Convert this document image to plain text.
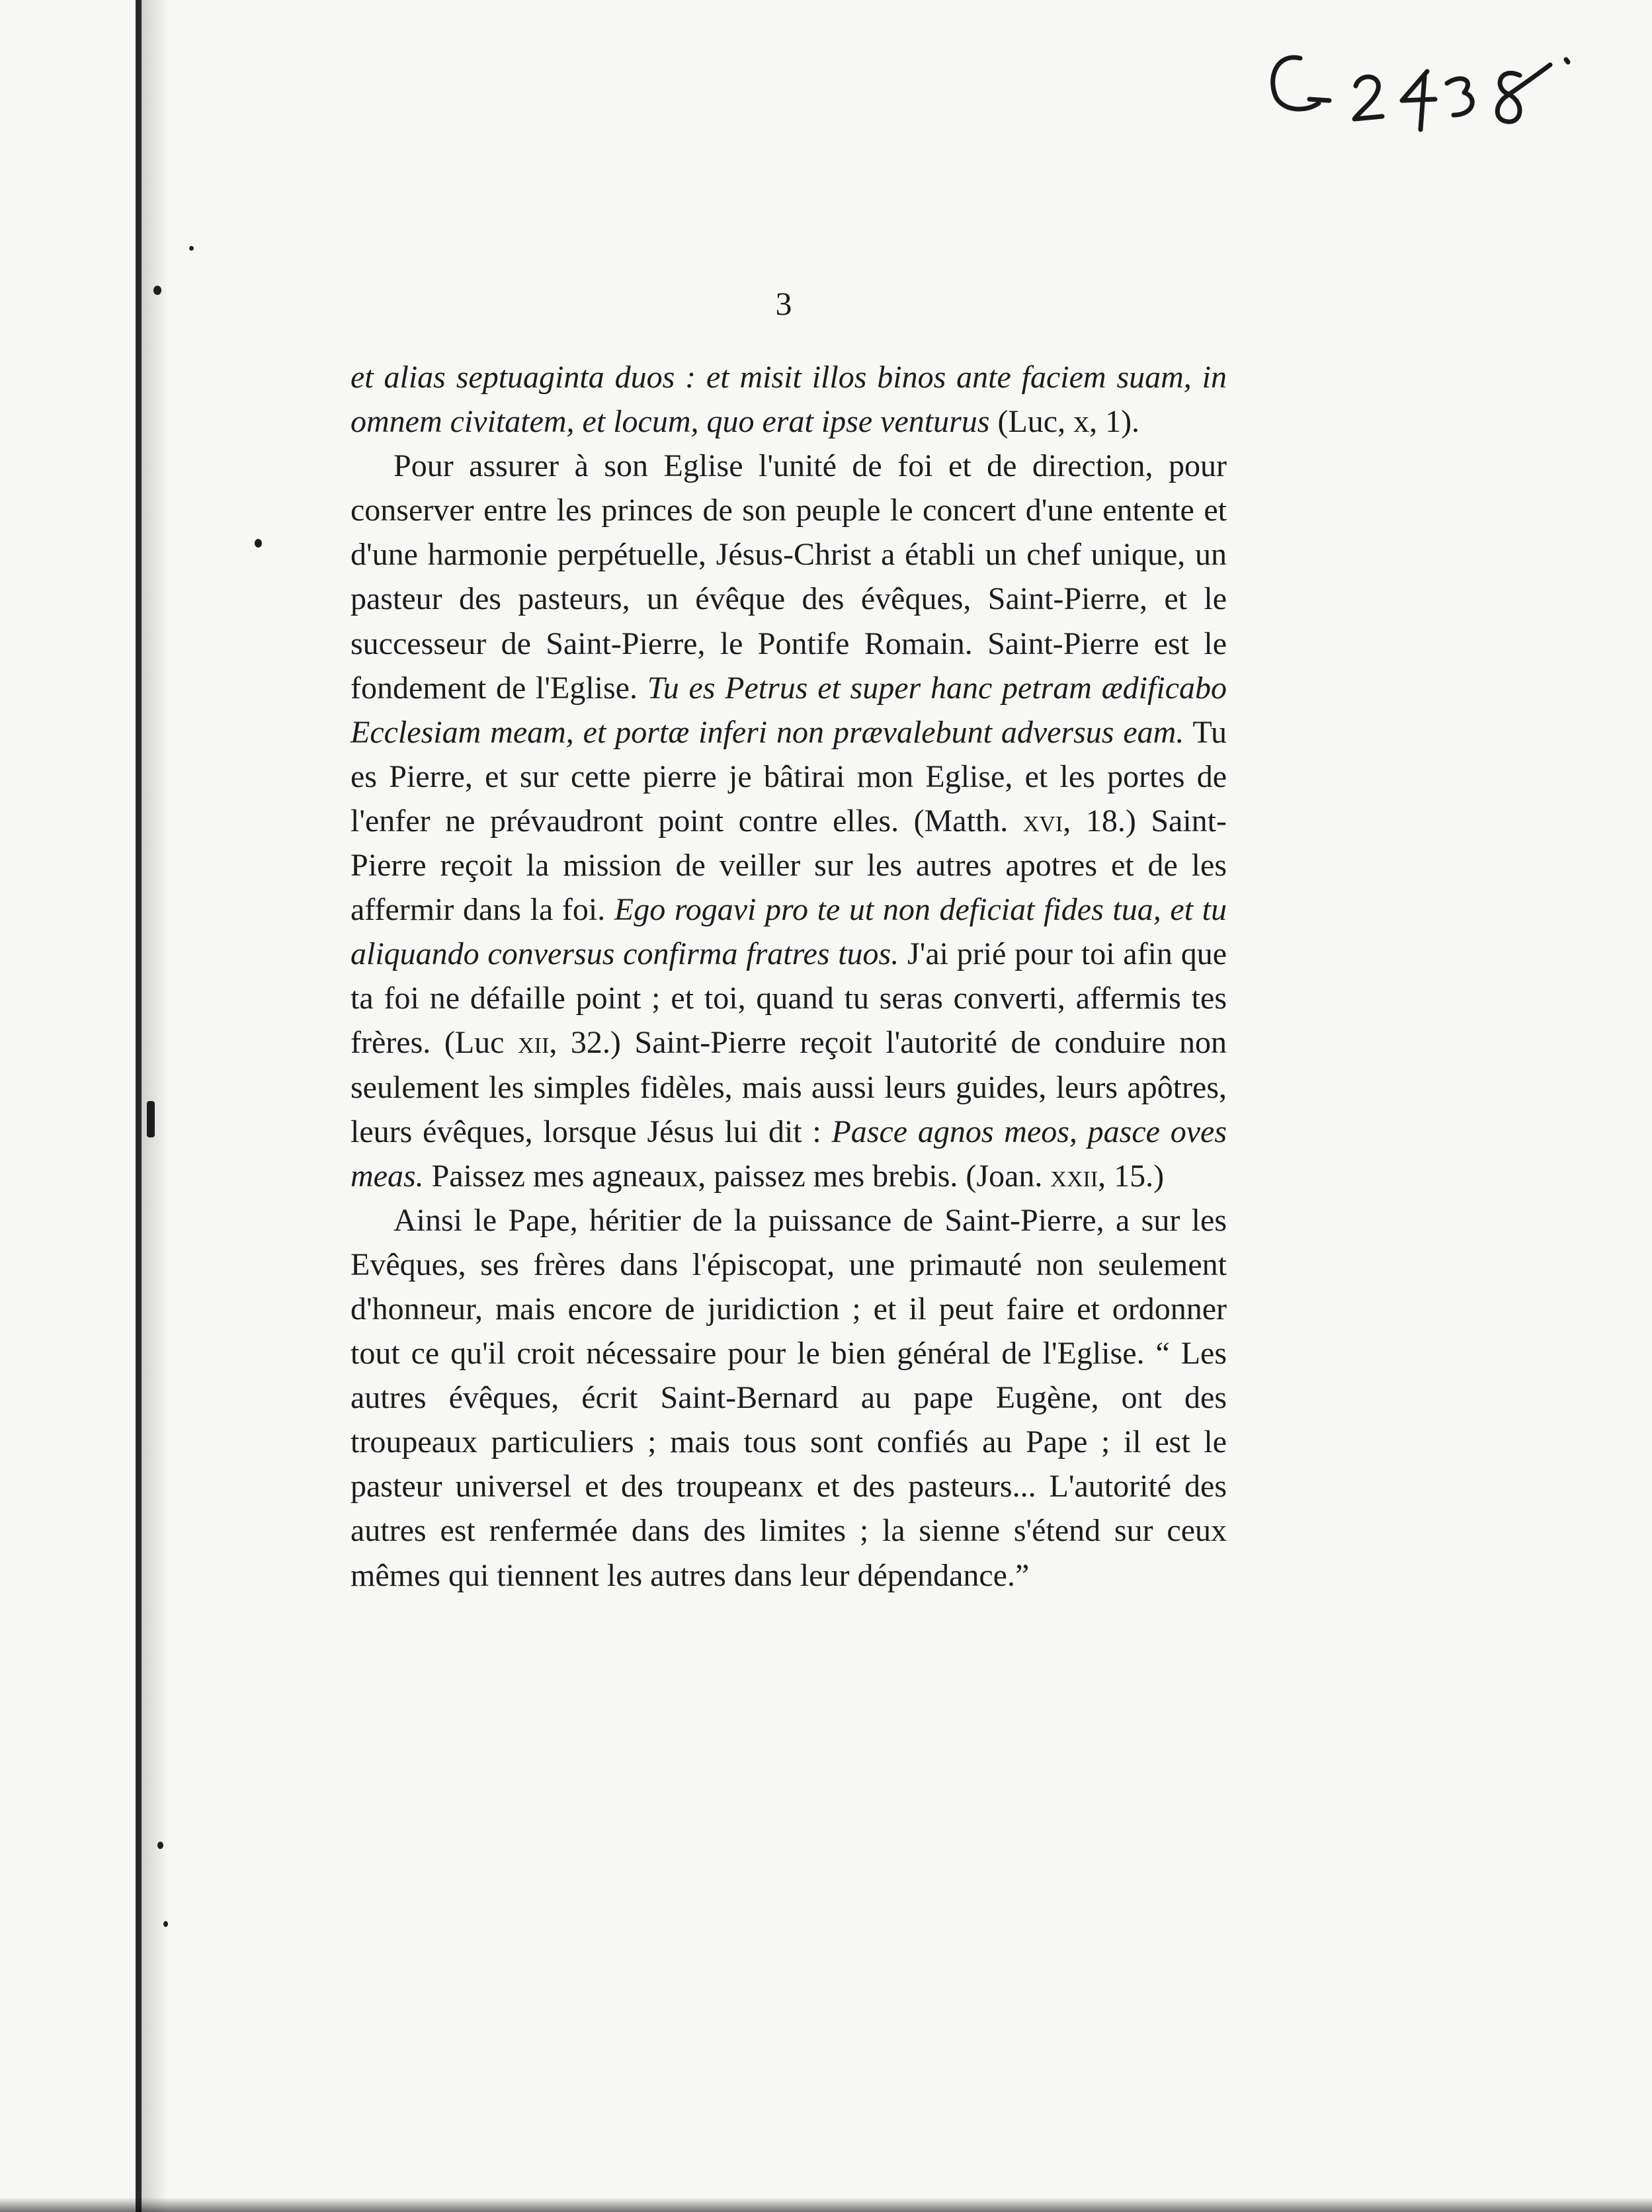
3

et alias septuaginta duos : et misit illos binos ante faciem suam, in omnem civitatem, et locum, quo erat ipse venturus (Luc, x, 1).

Pour assurer à son Eglise l'unité de foi et de direction, pour conserver entre les princes de son peuple le concert d'une entente et d'une harmonie perpétuelle, Jésus-Christ a établi un chef unique, un pasteur des pasteurs, un évêque des évêques, Saint-Pierre, et le successeur de Saint-Pierre, le Pontife Romain. Saint-Pierre est le fondement de l'Eglise. Tu es Petrus et super hanc petram ædificabo Ecclesiam meam, et portæ inferi non prævalebunt adversus eam. Tu es Pierre, et sur cette pierre je bâtirai mon Eglise, et les portes de l'enfer ne prévaudront point contre elles. (Matth. xvi, 18.) Saint-Pierre reçoit la mission de veiller sur les autres apotres et de les affermir dans la foi. Ego rogavi pro te ut non deficiat fides tua, et tu aliquando conversus confirma fratres tuos. J'ai prié pour toi afin que ta foi ne défaille point ; et toi, quand tu seras converti, affermis tes frères. (Luc xii, 32.) Saint-Pierre reçoit l'autorité de conduire non seulement les simples fidèles, mais aussi leurs guides, leurs apôtres, leurs évêques, lorsque Jésus lui dit : Pasce agnos meos, pasce oves meas. Paissez mes agneaux, paissez mes brebis. (Joan. xxii, 15.)

Ainsi le Pape, héritier de la puissance de Saint-Pierre, a sur les Evêques, ses frères dans l'épiscopat, une primauté non seulement d'honneur, mais encore de juridiction ; et il peut faire et ordonner tout ce qu'il croit nécessaire pour le bien général de l'Eglise. “ Les autres évêques, écrit Saint-Bernard au pape Eugène, ont des troupeaux particuliers ; mais tous sont confiés au Pape ; il est le pasteur universel et des troupeanx et des pasteurs... L'autorité des autres est renfermée dans des limites ; la sienne s'étend sur ceux mêmes qui tiennent les autres dans leur dépendance.”
